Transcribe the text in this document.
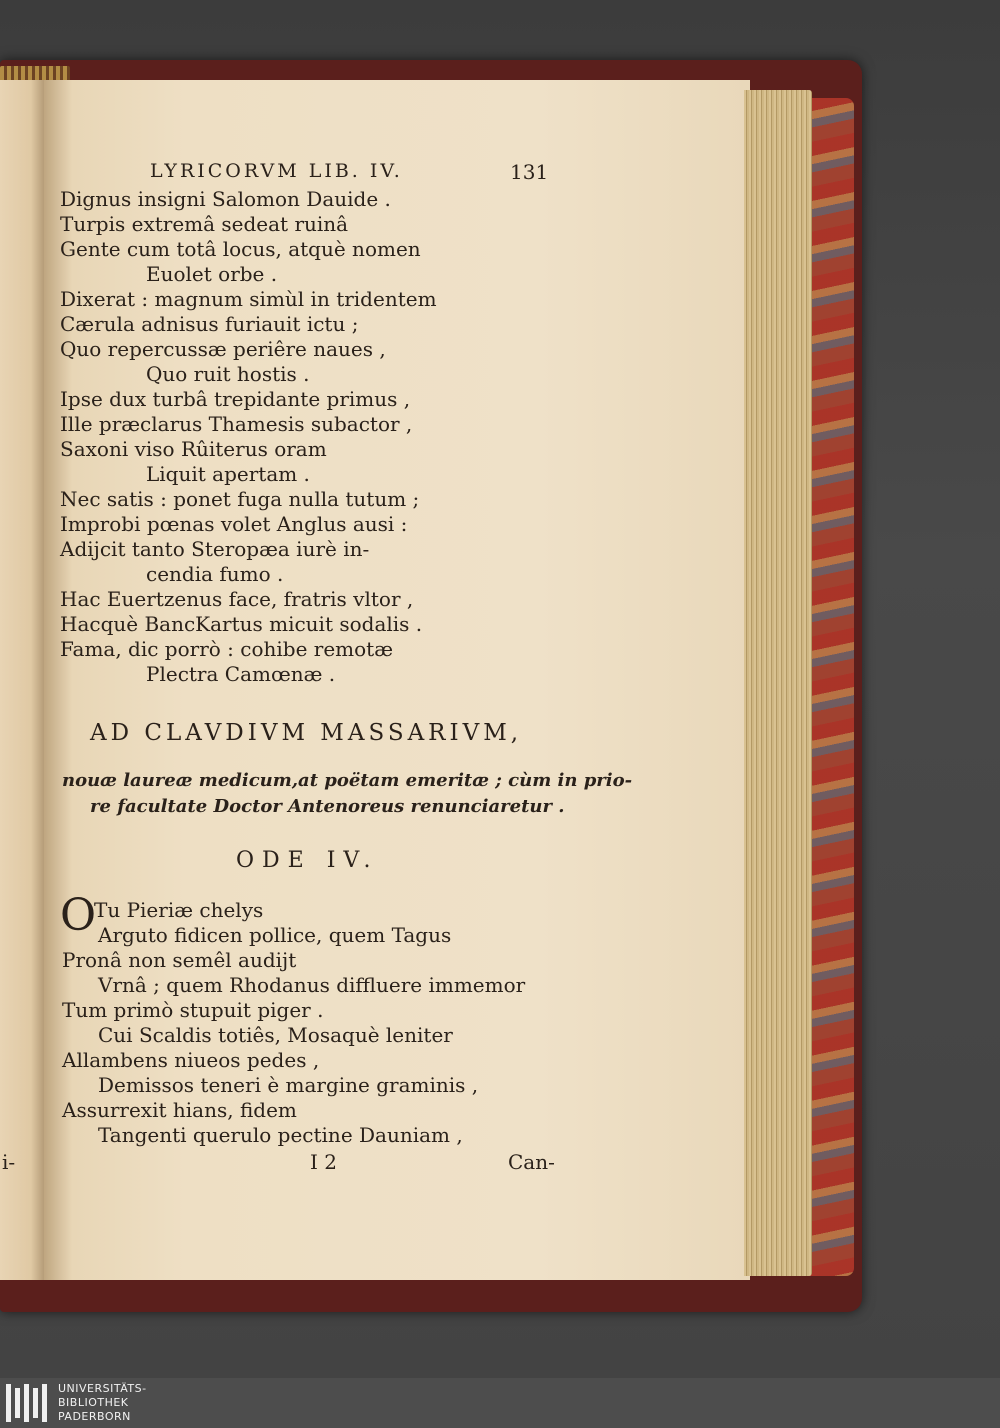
LYRICORVM LIB. IV.	131
Dignus insigni Salomon Dauide .
Turpis extremâ sedeat ruinâ
Gente cum totâ locus, atquè nomen
Euolet orbe .
Dixerat : magnum simùl in tridentem
Cærula adnisus furiauit ictu ;
Quo repercussæ periêre naues ,
Quo ruit hostis .
Ipse dux turbâ trepidante primus ,
Ille præclarus Thamesis subactor ,
Saxoni viso Rûiterus oram
Liquit apertam .
Nec satis : ponet fuga nulla tutum ;
Improbi pœnas volet Anglus ausi :
Adijcit tanto Steropæa iurè in-
cendia fumo .
Hac Euertzenus face, fratris vltor ,
Hacquè BancKartus micuit sodalis .
Fama, dic porrò : cohibe remotæ
Plectra Camœnæ .
AD CLAVDIVM MASSARIVM,
nouæ laureæ medicum,at poëtam emeritæ ; cùm in prio-
re facultate Doctor Antenoreus renunciaretur .
ODE IV.
O
Tu Pieriæ chelys
Arguto fidicen pollice, quem Tagus
Pronâ non semêl audijt
Vrnâ ; quem Rhodanus diffluere immemor
Tum primò stupuit piger .
Cui Scaldis totiês, Mosaquè leniter
Allambens niueos pedes ,
Demissos teneri è margine graminis ,
Assurrexit hians, fidem
Tangenti querulo pectine Dauniam ,
I 2	Can-
i-
UNIVERSITÄTS-
BIBLIOTHEK
PADERBORN
